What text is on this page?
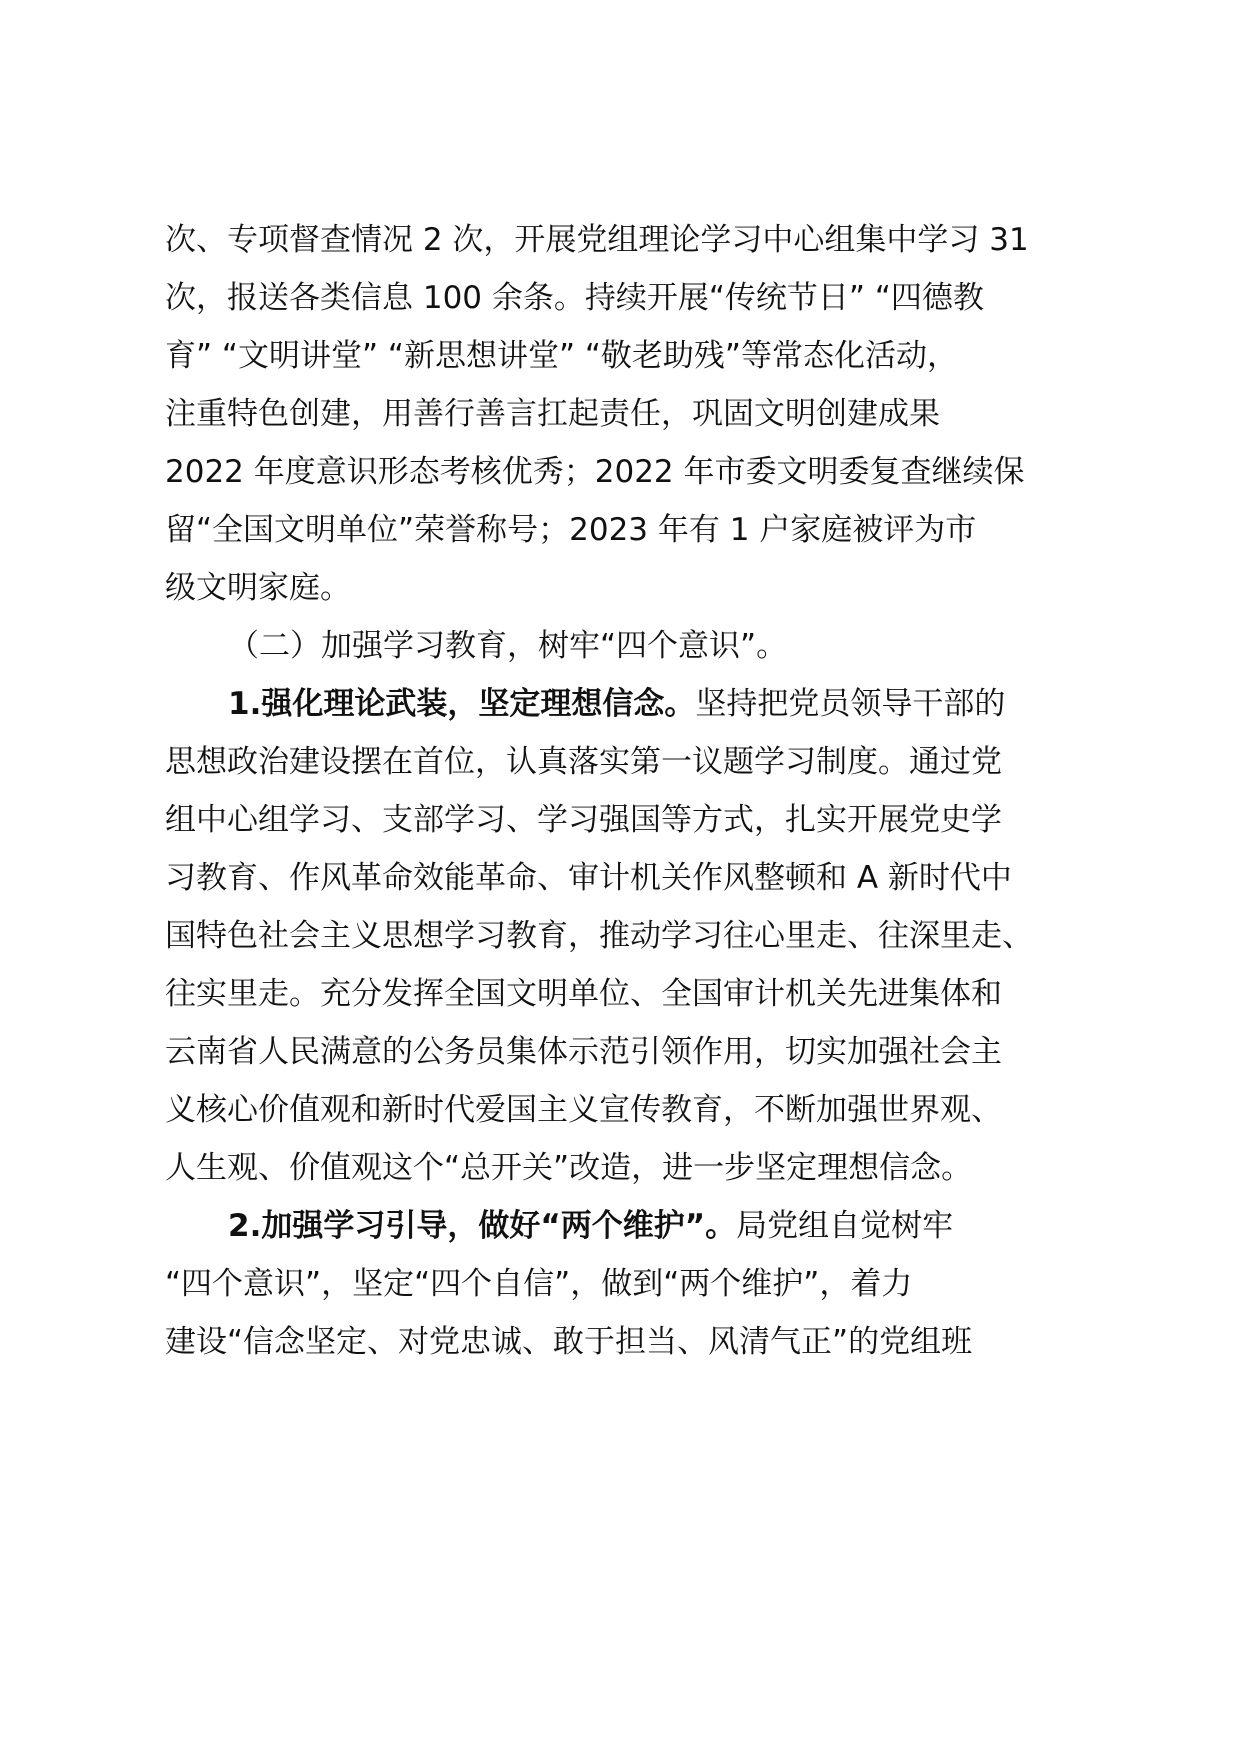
次、专项督查情况 2 次，开展党组理论学习中心组集中学习 31
次，报送各类信息 100 余条。持续开展“传统节日” “四德教
育” “文明讲堂” “新思想讲堂” “敬老助残”等常态化活动，
注重特色创建，用善行善言扛起责任，巩固文明创建成果
2022 年度意识形态考核优秀；2022 年市委文明委复查继续保
留“全国文明单位”荣誉称号；2023 年有 1 户家庭被评为市
级文明家庭。
（二）加强学习教育，树牢“四个意识”。
1.强化理论武装，坚定理想信念。坚持把党员领导干部的
思想政治建设摆在首位，认真落实第一议题学习制度。通过党
组中心组学习、支部学习、学习强国等方式，扎实开展党史学
习教育、作风革命效能革命、审计机关作风整顿和 A 新时代中
国特色社会主义思想学习教育，推动学习往心里走、往深里走、
往实里走。充分发挥全国文明单位、全国审计机关先进集体和
云南省人民满意的公务员集体示范引领作用，切实加强社会主
义核心价值观和新时代爱国主义宣传教育，不断加强世界观、
人生观、价值观这个“总开关”改造，进一步坚定理想信念。
2.加强学习引导，做好“两个维护”。局党组自觉树牢
“四个意识”，坚定“四个自信”，做到“两个维护”，着力
建设“信念坚定、对党忠诚、敢于担当、风清气正”的党组班
